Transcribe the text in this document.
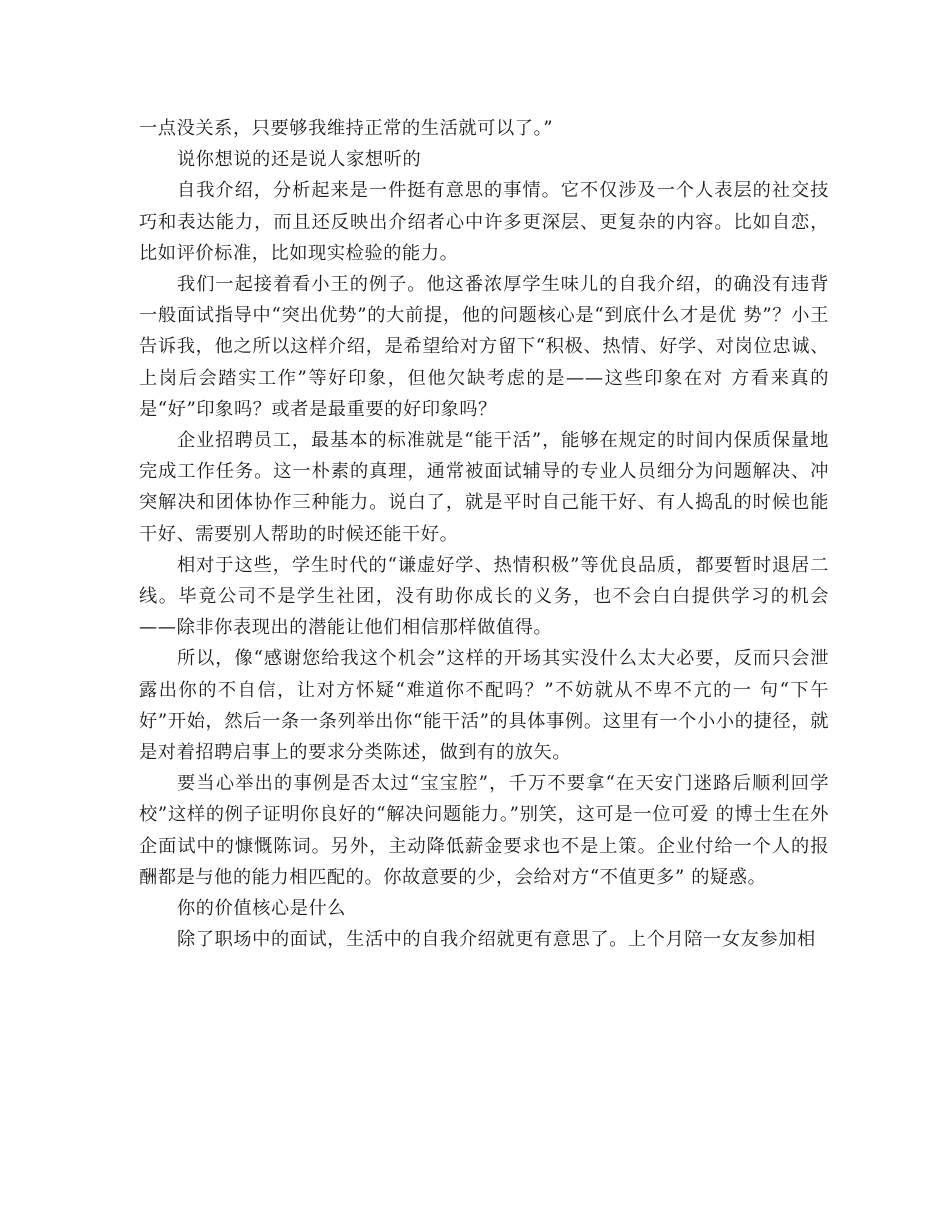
一点没关系，只要够我维持正常的生活就可以了。”

说你想说的还是说人家想听的

自我介绍，分析起来是一件挺有意思的事情。它不仅涉及一个人表层的社交技巧和表达能力，而且还反映出介绍者心中许多更深层、更复杂的内容。比如自恋，比如评价标准，比如现实检验的能力。

我们一起接着看小王的例子。他这番浓厚学生味儿的自我介绍，的确没有违背一般面试指导中“突出优势”的大前提，他的问题核心是“到底什么才是优 势”？小王告诉我，他之所以这样介绍，是希望给对方留下“积极、热情、好学、对岗位忠诚、上岗后会踏实工作”等好印象，但他欠缺考虑的是——这些印象在对 方看来真的是“好”印象吗？或者是最重要的好印象吗？

企业招聘员工，最基本的标准就是“能干活”，能够在规定的时间内保质保量地完成工作任务。这一朴素的真理，通常被面试辅导的专业人员细分为问题解决、冲突解决和团体协作三种能力。说白了，就是平时自己能干好、有人捣乱的时候也能干好、需要别人帮助的时候还能干好。

相对于这些，学生时代的“谦虚好学、热情积极”等优良品质，都要暂时退居二线。毕竟公司不是学生社团，没有助你成长的义务，也不会白白提供学习的机会——除非你表现出的潜能让他们相信那样做值得。

所以，像“感谢您给我这个机会”这样的开场其实没什么太大必要，反而只会泄露出你的不自信，让对方怀疑“难道你不配吗？”不妨就从不卑不亢的一 句“下午好”开始，然后一条一条列举出你“能干活”的具体事例。这里有一个小小的捷径，就是对着招聘启事上的要求分类陈述，做到有的放矢。

要当心举出的事例是否太过“宝宝腔”，千万不要拿“在天安门迷路后顺利回学校”这样的例子证明你良好的“解决问题能力。”别笑，这可是一位可爱 的博士生在外企面试中的慷慨陈词。另外，主动降低薪金要求也不是上策。企业付给一个人的报酬都是与他的能力相匹配的。你故意要的少，会给对方“不值更多” 的疑惑。

你的价值核心是什么

除了职场中的面试，生活中的自我介绍就更有意思了。上个月陪一女友参加相
